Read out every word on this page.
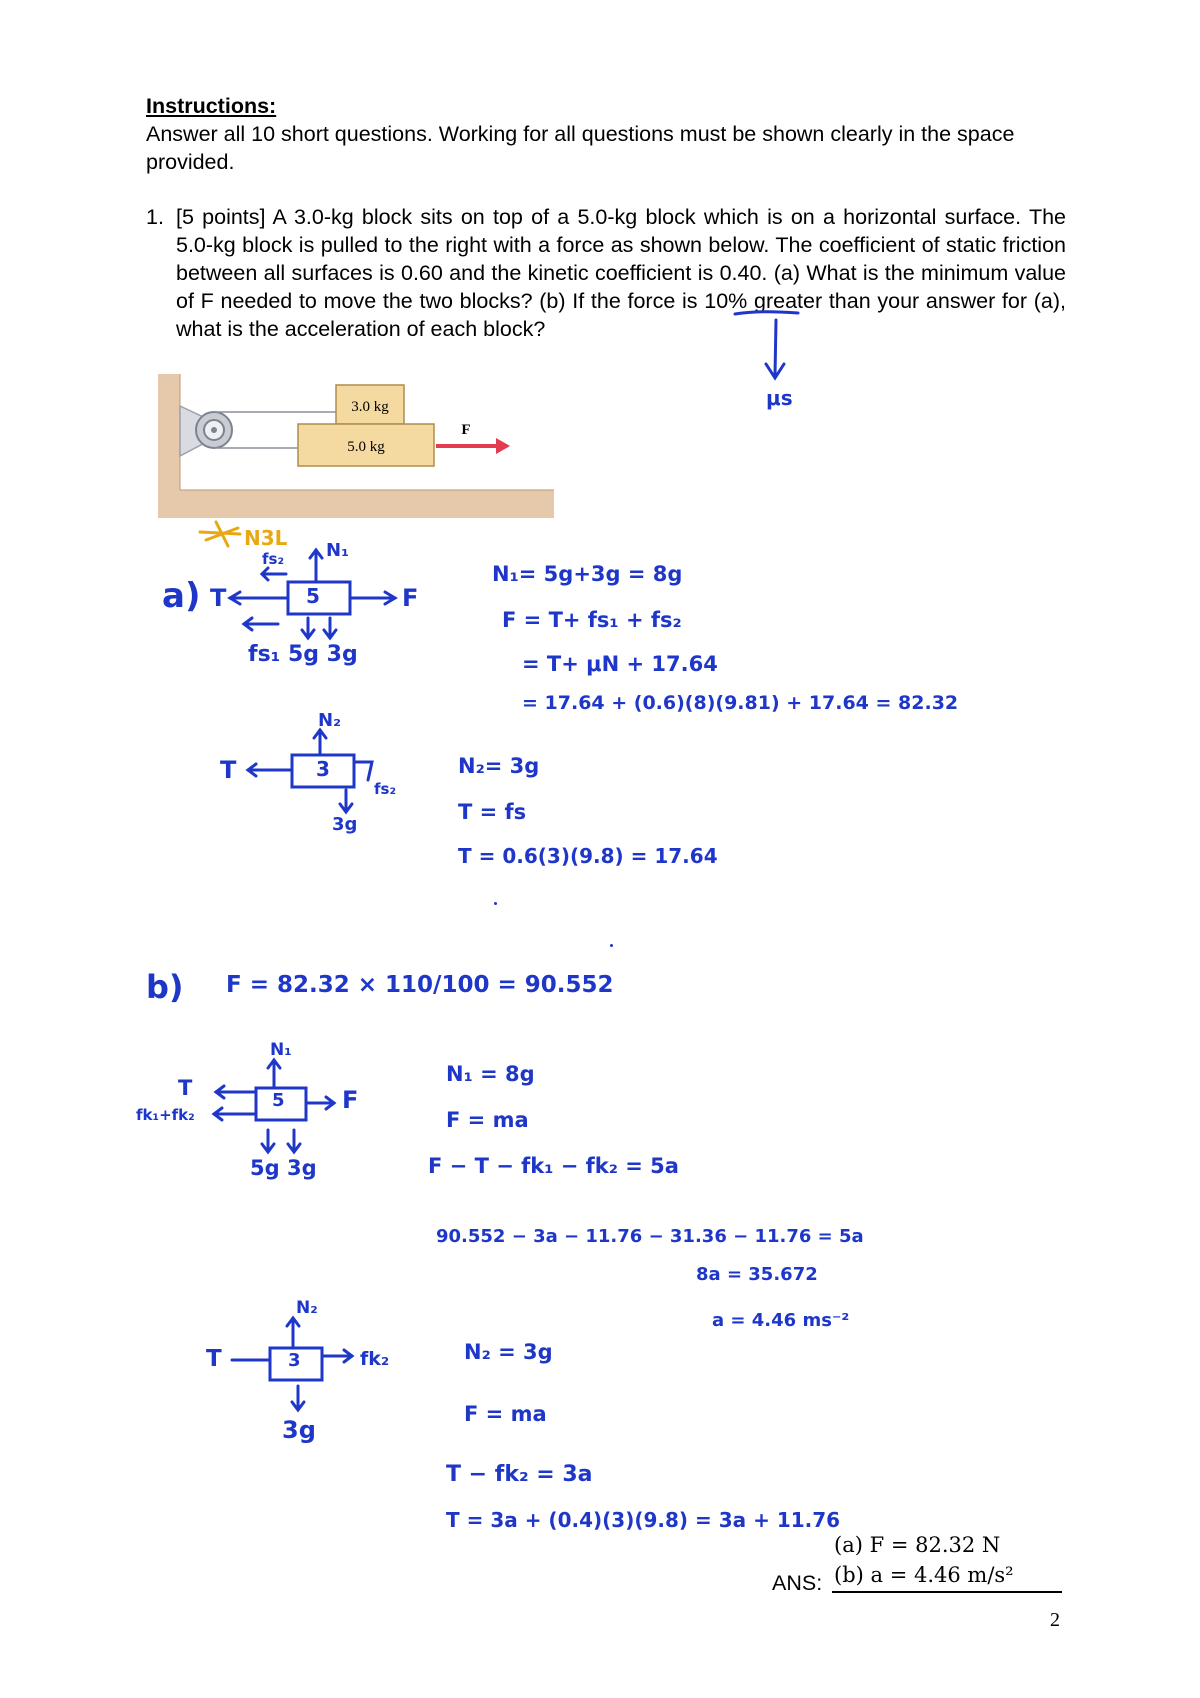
Instructions:
Answer all 10 short questions. Working for all questions must be shown clearly in the space provided.
1. [5 points] A 3.0-kg block sits on top of a 5.0-kg block which is on a horizontal surface. The 5.0-kg block is pulled to the right with a force as shown below. The coefficient of static friction between all surfaces is 0.60 and the kinetic coefficient is 0.40. (a) What is the minimum value of F needed to move the two blocks? (b) If the force is 10% greater than your answer for (a), what is the acceleration of each block?
3.0 kg
5.0 kg
F
μs
N3L
a) T	5	F
N₁
fs₂
fs₁ 5g 3g
N₁= 5g+3g = 8g
F = T+ fs₁ + fs₂
= T+ μN + 17.64
= 17.64 + (0.6)(8)(9.81) + 17.64 = 82.32
N₂
T	3
fs₂
3g
N₂= 3g
T = fs
T = 0.6(3)(9.8) = 17.64
b) F = 82.32 × 110/100 = 90.552
N₁
T
fk₁+fk₂
5 F
5g 3g
N₁ = 8g
F = ma
F − T − fk₁ − fk₂ = 5a
90.552 − 3a − 11.76 − 31.36 − 11.76 = 5a
8a = 35.672
a = 4.46 ms⁻²
N₂
T	3	fk₂
3g
N₂ = 3g
F = ma
T − fk₂ = 3a
T = 3a + (0.4)(3)(9.8) = 3a + 11.76
(a) F = 82.32 N
(b) a = 4.46 m/s²
ANS:
2
